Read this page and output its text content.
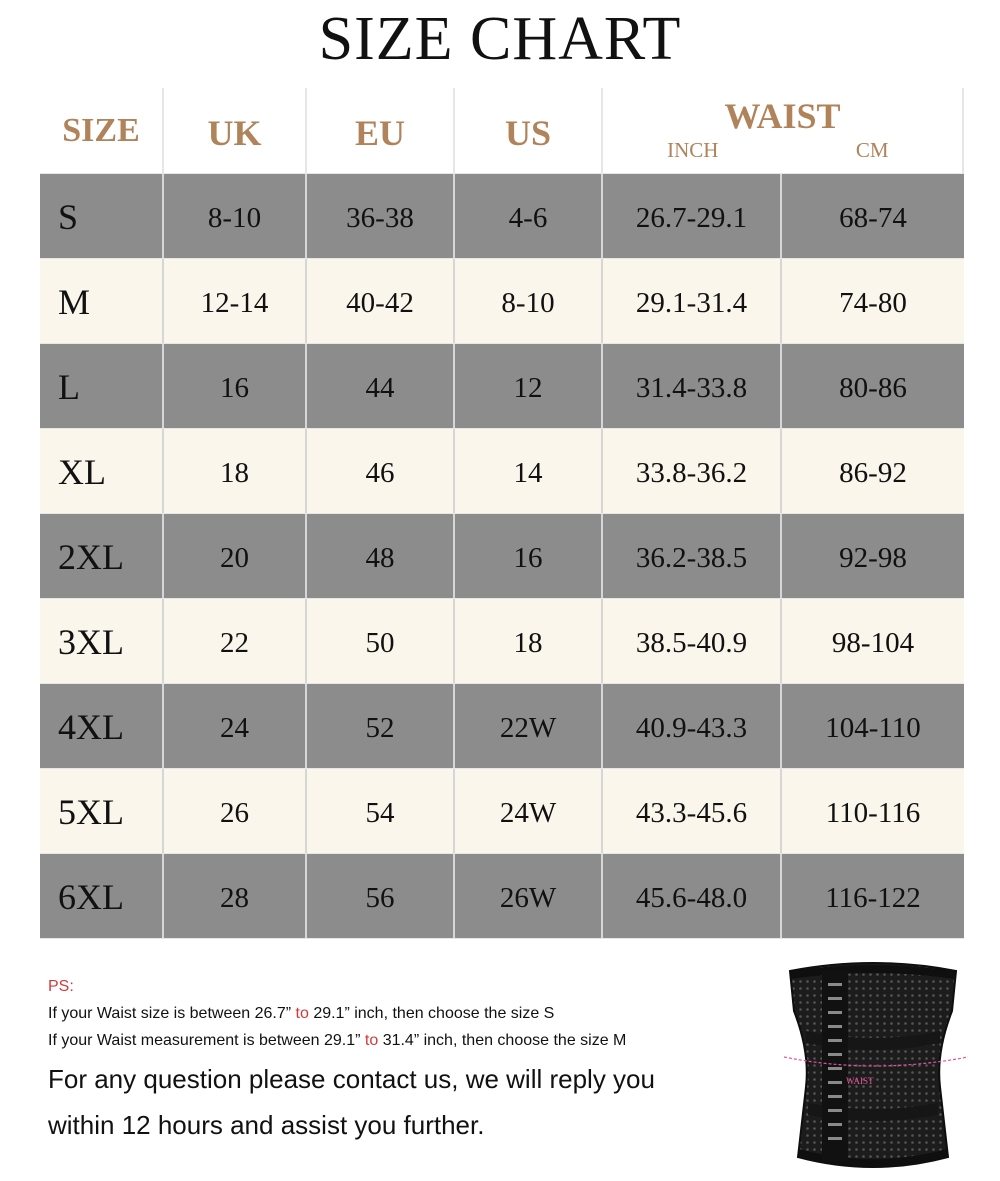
SIZE CHART
SIZE	UK	EU	US	WAIST
INCH	CM
S	8-10	36-38	4-6	26.7-29.1	68-74
M	12-14	40-42	8-10	29.1-31.4	74-80
L	16	44	12	31.4-33.8	80-86
XL	18	46	14	33.8-36.2	86-92
2XL	20	48	16	36.2-38.5	92-98
3XL	22	50	18	38.5-40.9	98-104
4XL	24	52	22W	40.9-43.3	104-110
5XL	26	54	24W	43.3-45.6	110-116
6XL	28	56	26W	45.6-48.0	116-122
PS:
If your Waist size is between 26.7” to 29.1” inch, then choose the size S
If your Waist measurement is between 29.1” to 31.4” inch, then choose the size M
For any question please contact us, we will reply you
within 12 hours and assist you further.
WAIST
